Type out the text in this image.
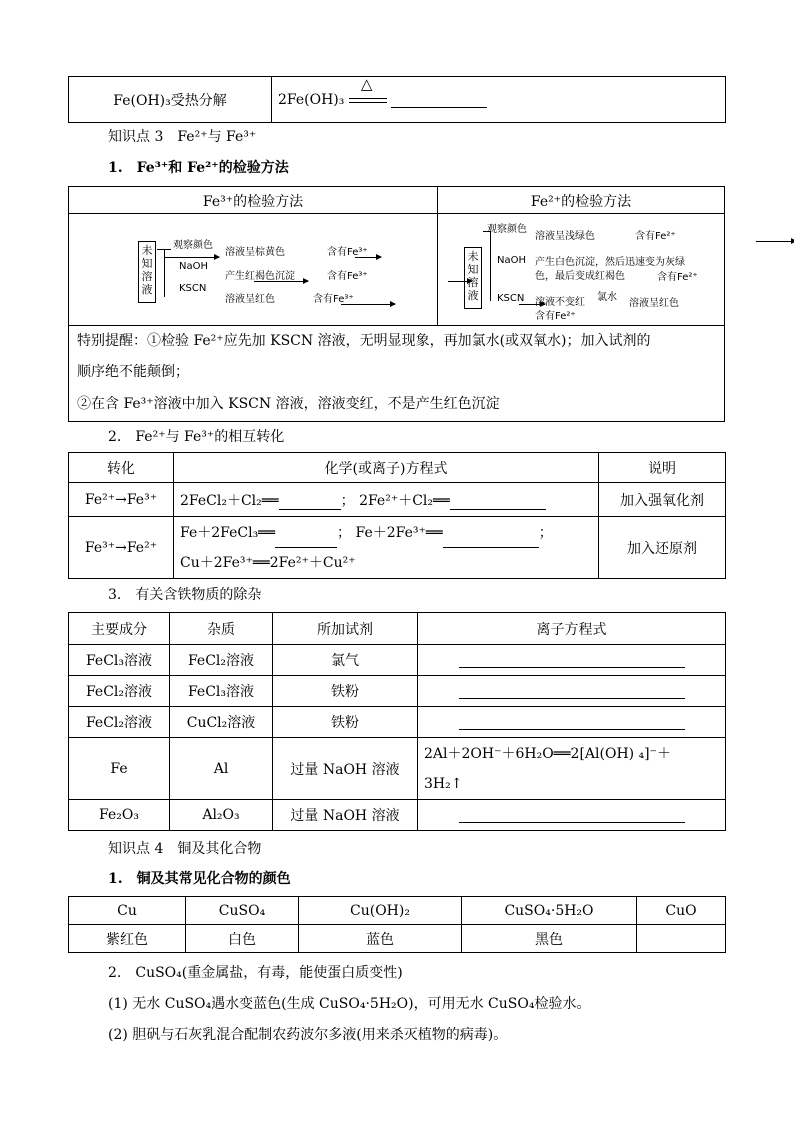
Fe(OH)₃受热分解	2Fe(OH)₃
△

知识点 3　Fe²⁺与 Fe³⁺
1.　Fe³⁺和 Fe²⁺的检验方法
Fe³⁺的检验方法	Fe²⁺的检验方法
未知溶液
观察颜色

溶液呈棕黄色
	含有Fe³⁺
NaOH

产生红褐色沉淀
	含有Fe³⁺
KSCN

溶液呈红色
	含有Fe³⁺
未知溶液
观察颜色

溶液呈浅绿色
	含有Fe²⁺
NaOH
产生白色沉淀，然后迅速变为灰绿
色，最后变成红褐色
	含有Fe²⁺
KSCN
溶液不变红
含有Fe²⁺
氯水
溶液呈红色
特别提醒：①检验 Fe²⁺应先加 KSCN 溶液，无明显现象，再加氯水(或双氧水)；加入试剂的
顺序绝不能颠倒；
②在含 Fe³⁺溶液中加入 KSCN 溶液，溶液变红，不是产生红色沉淀
2.　Fe²⁺与 Fe³⁺的相互转化
转化	化学(或离子)方程式	说明
Fe²⁺→Fe³⁺	2FeCl₂＋Cl₂══ ； 2Fe²⁺＋Cl₂══	加入强氧化剂
Fe³⁺→Fe²⁺	Fe＋2FeCl₃══ ； Fe＋2Fe³⁺══ ；
Cu＋2Fe³⁺══2Fe²⁺＋Cu²⁺	加入还原剂
3.　有关含铁物质的除杂
主要成分	杂质	所加试剂	离子方程式
FeCl₃溶液	FeCl₂溶液	氯气	
FeCl₂溶液	FeCl₃溶液	铁粉	
FeCl₂溶液	CuCl₂溶液	铁粉	
Fe	Al	过量 NaOH 溶液	2Al＋2OH⁻＋6H₂O══2[Al(OH) ₄]⁻＋
3H₂↑
Fe₂O₃	Al₂O₃	过量 NaOH 溶液	
知识点 4　铜及其化合物
1.　铜及其常见化合物的颜色
Cu	CuSO₄	Cu(OH)₂	CuSO₄·5H₂O	CuO
紫红色	白色	蓝色	黑色	
2.　CuSO₄(重金属盐，有毒，能使蛋白质变性)
(1) 无水 CuSO₄遇水变蓝色(生成 CuSO₄·5H₂O)，可用无水 CuSO₄检验水。
(2) 胆矾与石灰乳混合配制农药波尔多液(用来杀灭植物的病毒)。
